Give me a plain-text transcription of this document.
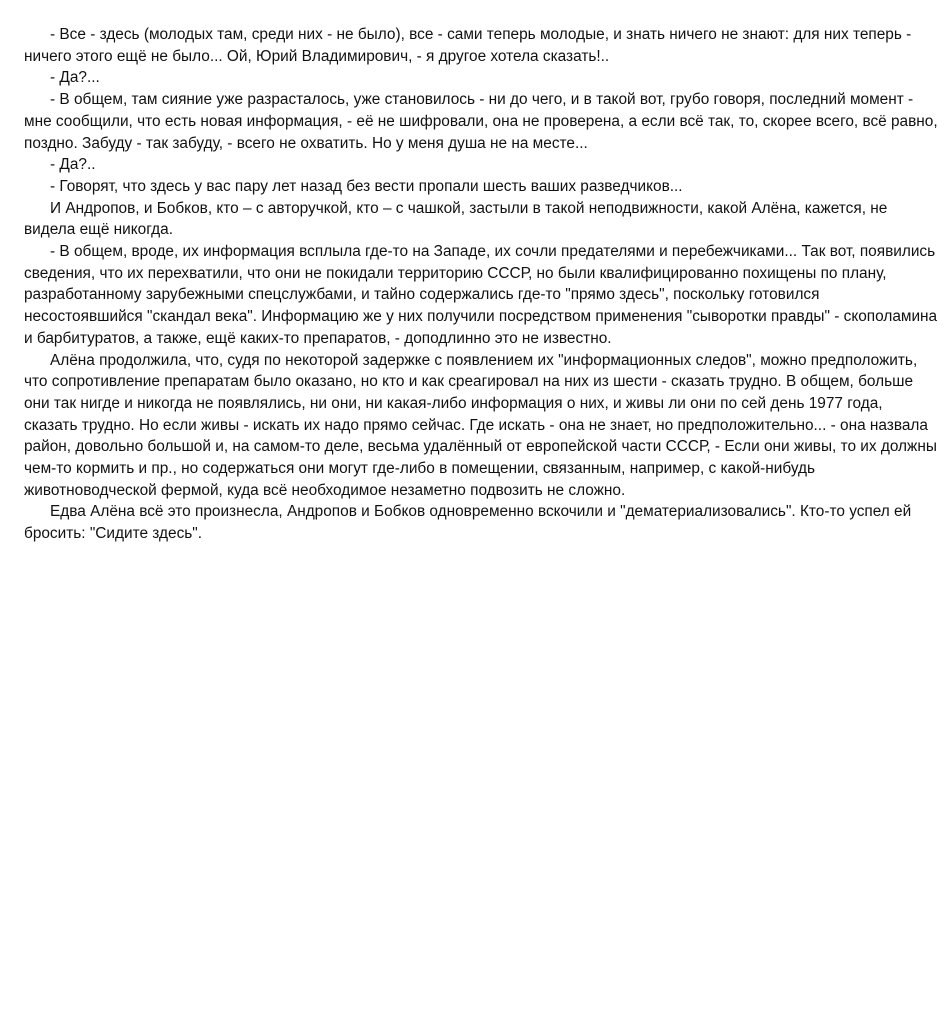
- Все - здесь (молодых там, среди них - не было), все - сами теперь молодые, и знать ничего не знают: для них теперь - ничего этого ещё не было... Ой, Юрий Владимирович, - я другое хотела сказать!..

- Да?...

- В общем, там сияние уже разрасталось, уже становилось - ни до чего, и в такой вот, грубо говоря, последний момент - мне сообщили, что есть новая информация, - её не шифровали, она не проверена, а если всё так, то, скорее всего, всё равно, поздно. Забуду - так забуду, - всего не охватить. Но у меня душа не на месте...

- Да?..

- Говорят, что здесь у вас пару лет назад без вести пропали шесть ваших разведчиков...

И Андропов, и Бобков, кто – с авторучкой, кто – с чашкой, застыли в такой неподвижности, какой Алёна, кажется, не видела ещё никогда.

- В общем, вроде, их информация всплыла где-то на Западе, их сочли предателями и перебежчиками... Так вот, появились сведения, что их перехватили, что они не покидали территорию СССР, но были квалифицированно похищены по плану, разработанному зарубежными спецслужбами, и тайно содержались где-то "прямо здесь", поскольку готовился несостоявшийся "скандал века". Информацию же у них получили посредством применения "сыворотки правды" - скополамина и барбитуратов, а также, ещё каких-то препаратов, - доподлинно это не известно.

Алёна продолжила, что, судя по некоторой задержке с появлением их "информационных следов", можно предположить, что сопротивление препаратам было оказано, но кто и как среагировал на них из шести - сказать трудно. В общем, больше они так нигде и никогда не появлялись, ни они, ни какая-либо информация о них, и живы ли они по сей день 1977 года, сказать трудно. Но если живы - искать их надо прямо сейчас. Где искать - она не знает, но предположительно... - она назвала район, довольно большой и, на самом-то деле, весьма удалённый от европейской части СССР, - Если они живы, то их должны чем-то кормить и пр., но содержаться они могут где-либо в помещении, связанным, например, с какой-нибудь животноводческой фермой, куда всё необходимое незаметно подвозить не сложно.

Едва Алёна всё это произнесла, Андропов и Бобков одновременно вскочили и "дематериализовались". Кто-то успел ей бросить: "Сидите здесь".
